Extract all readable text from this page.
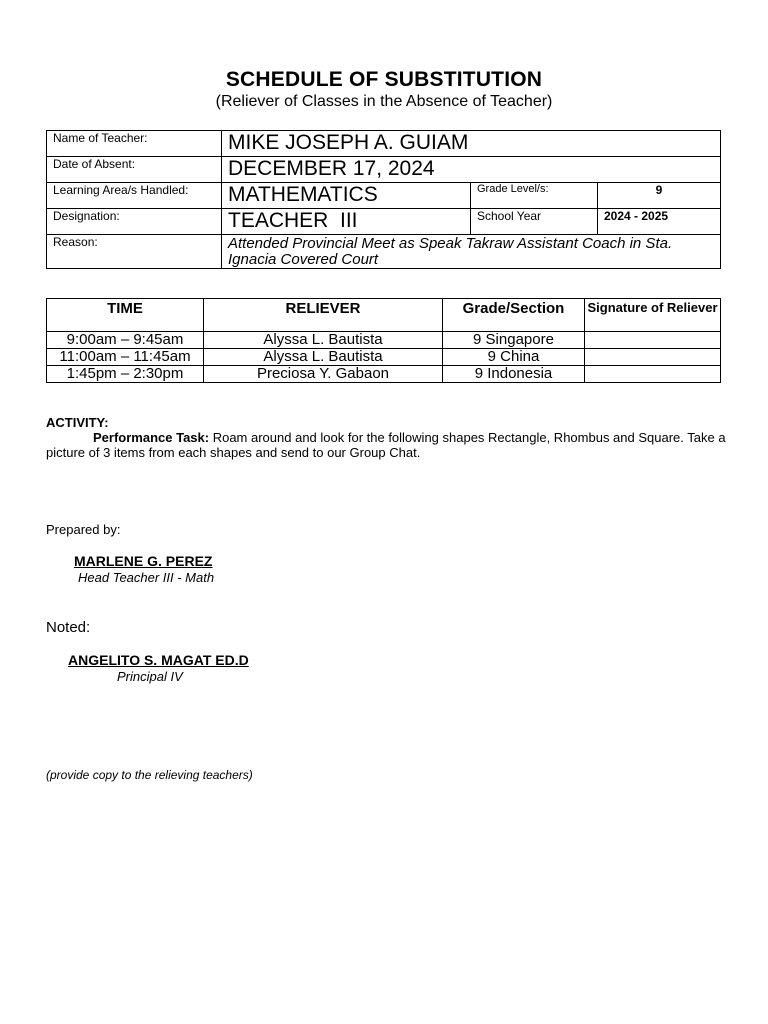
SCHEDULE OF SUBSTITUTION
(Reliever of Classes in the Absence of Teacher)
Name of Teacher:	MIKE JOSEPH A. GUIAM		
Date of Absent:	DECEMBER 17, 2024		
Learning Area/s Handled:	MATHEMATICS	Grade Level/s:	9
Designation:	TEACHER  III	School Year	2024 - 2025
Reason:	Attended Provincial Meet as Speak Takraw Assistant Coach in Sta. Ignacia Covered Court		
TIME	RELIEVER	Grade/Section	Signature of Reliever
9:00am – 9:45am	Alyssa L. Bautista	9 Singapore	
11:00am – 11:45am	Alyssa L. Bautista	9 China	
1:45pm – 2:30pm	Preciosa Y. Gabaon	9 Indonesia	
ACTIVITY:
Performance Task: Roam around and look for the following shapes Rectangle, Rhombus and Square. Take a picture of 3 items from each shapes and send to our Group Chat.
Prepared by:
MARLENE G. PEREZ
Head Teacher III - Math
Noted:
ANGELITO S. MAGAT ED.D
Principal IV
(provide copy to the relieving teachers)
